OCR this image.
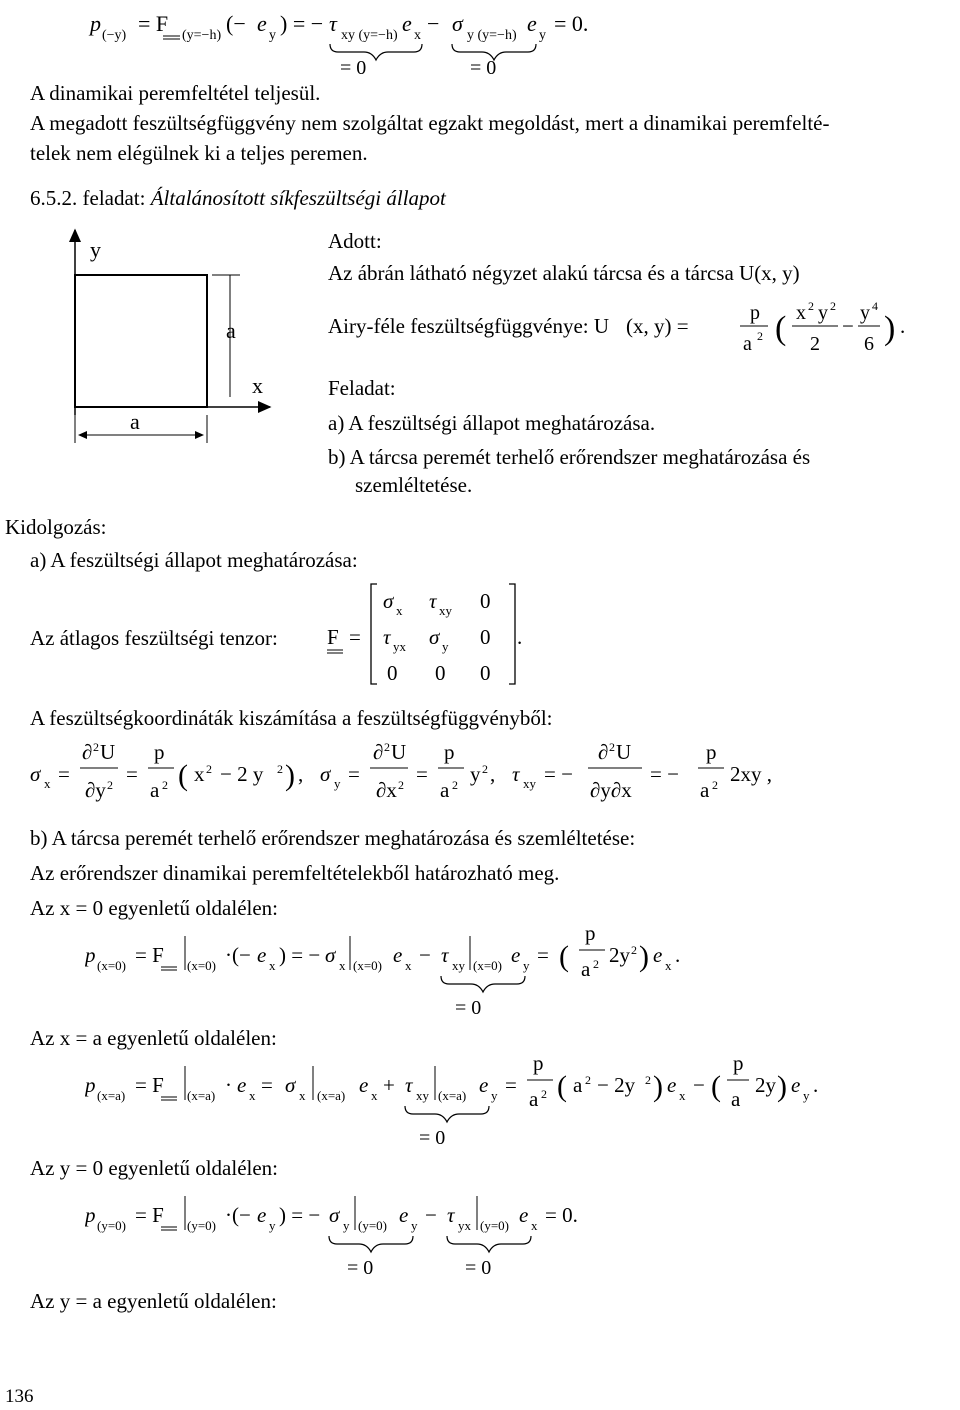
p (−y) = F (y=−h) (− e y ) = − τ xy (y=−h) e x − σ y (y=−h) e y = 0.
= 0	= 0
A dinamikai peremfeltétel teljesül.
A megadott feszültségfüggvény nem szolgáltat egzakt megoldást, mert a dinamikai peremfelté-
telek nem elégülnek ki a teljes peremen.
6.5.2. feladat: Általánosított síkfeszültségi állapot
y
x
a
a
Adott:
Az ábrán látható négyzet alakú tárcsa és a tárcsa U(x, y)
Airy-féle feszültségfüggvénye: U (x, y) =
p
a 2 ( x 2 y 2
2
−
y 4
6 ) .
Feladat:
a) A feszültségi állapot meghatározása.
b) A tárcsa peremét terhelő erőrendszer meghatározása és
szemléltetése.
Kidolgozás:
a) A feszültségi állapot meghatározása:
Az átlagos feszültségi tenzor: F =
σ x τ xy 0
τ yx σ y 0
0 0 0
.
A feszültségkoordináták kiszámítása a feszültségfüggvényből:
σ x =
∂ 2 U
∂y 2 =
p
a 2 ( x 2 − 2 y 2 ) , σ y =
∂ 2 U
∂x 2 =
p
a 2 y 2 , τ xy = −
∂ 2 U
∂y∂x
= −
p
a 2 2xy ,
b) A tárcsa peremét terhelő erőrendszer meghatározása és szemléltetése:
Az erőrendszer dinamikai peremfeltételekből határozható meg.
Az x = 0 egyenletű oldalélen:
p (x=0) = F (x=0) ·(− e x ) = − σ x (x=0) e x − τ xy (x=0) e y = (
p
a 2 2y 2 ) e x .
= 0
Az x = a egyenletű oldalélen:
p (x=a) = F (x=a) · e x = σ x (x=a) e x + τ xy (x=a) e y =
p
a 2 ( a 2 − 2y 2 ) e x − (
p
a
2y ) e y .
= 0
Az y = 0 egyenletű oldalélen:
p (y=0) = F (y=0) ·(− e y ) = − σ y (y=0) e y − τ yx (y=0) e x = 0.
= 0	= 0
Az y = a egyenletű oldalélen:
136
